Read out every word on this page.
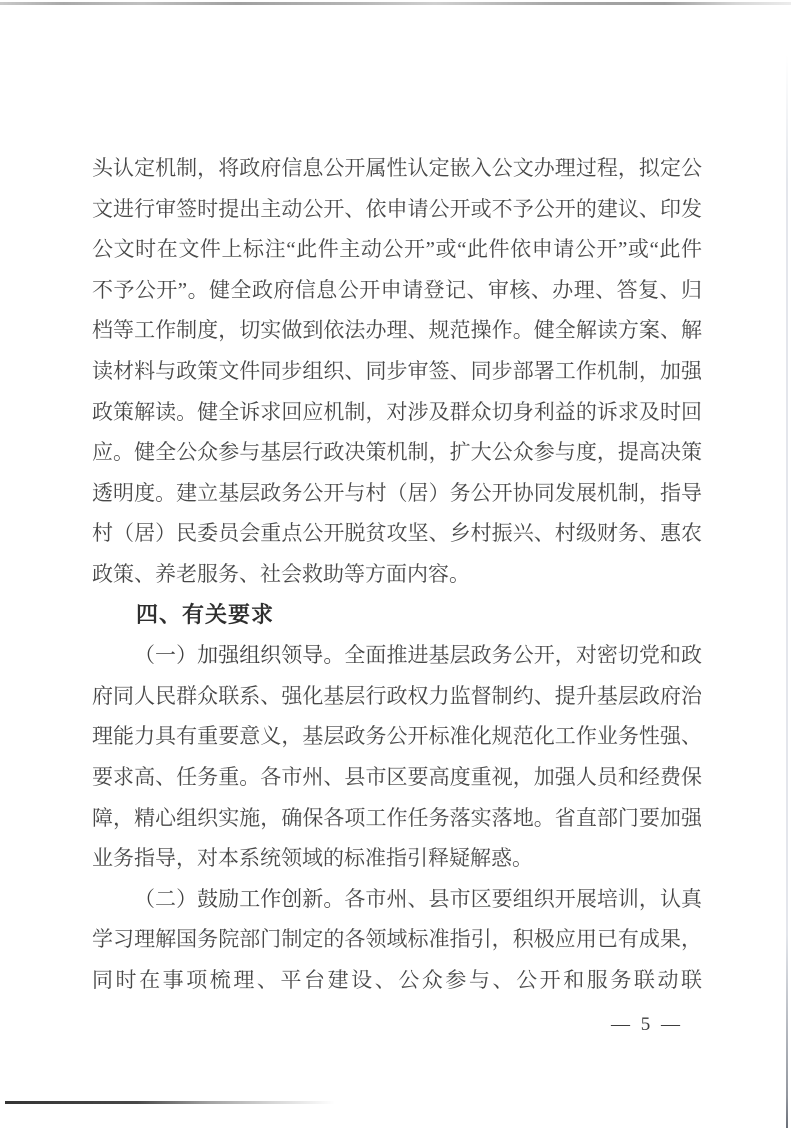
头认定机制，将政府信息公开属性认定嵌入公文办理过程，拟定公文进行审签时提出主动公开、依申请公开或不予公开的建议、印发公文时在文件上标注“此件主动公开”或“此件依申请公开”或“此件不予公开”。健全政府信息公开申请登记、审核、办理、答复、归档等工作制度，切实做到依法办理、规范操作。健全解读方案、解读材料与政策文件同步组织、同步审签、同步部署工作机制，加强政策解读。健全诉求回应机制，对涉及群众切身利益的诉求及时回应。健全公众参与基层行政决策机制，扩大公众参与度，提高决策透明度。建立基层政务公开与村（居）务公开协同发展机制，指导村（居）民委员会重点公开脱贫攻坚、乡村振兴、村级财务、惠农政策、养老服务、社会救助等方面内容。

四、有关要求

（一）加强组织领导。全面推进基层政务公开，对密切党和政府同人民群众联系、强化基层行政权力监督制约、提升基层政府治理能力具有重要意义，基层政务公开标准化规范化工作业务性强、要求高、任务重。各市州、县市区要高度重视，加强人员和经费保障，精心组织实施，确保各项工作任务落实落地。省直部门要加强业务指导，对本系统领域的标准指引释疑解惑。

（二）鼓励工作创新。各市州、县市区要组织开展培训，认真学习理解国务院部门制定的各领域标准指引，积极应用已有成果，同时在事项梳理、平台建设、公众参与、公开和服务联动联

— 5 —
